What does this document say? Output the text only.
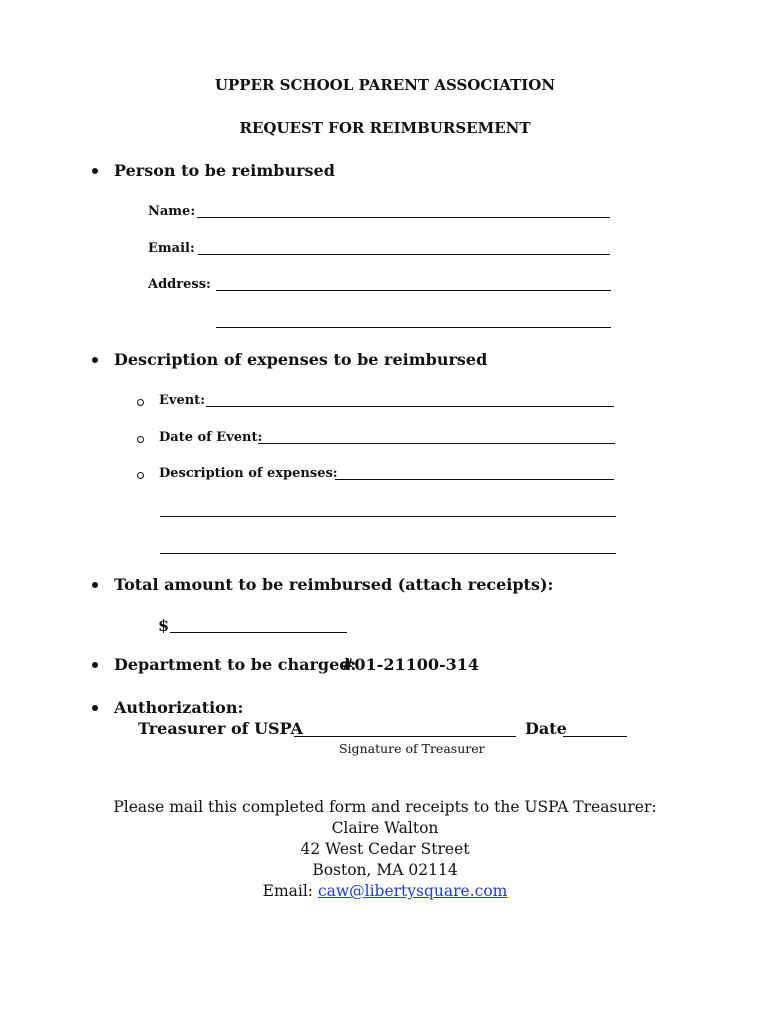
UPPER SCHOOL PARENT ASSOCIATION
REQUEST FOR REIMBURSEMENT
Person to be reimbursed
Name:
Email:
Address:
Description of expenses to be reimbursed
Event:
Date of Event:
Description of expenses:
Total amount to be reimbursed (attach receipts):
$
Department to be charged:
#01-21100-314
Authorization:
Treasurer of USPA	Date
Signature of Treasurer
Please mail this completed form and receipts to the USPA Treasurer:
Claire Walton
42 West Cedar Street
Boston, MA 02114
Email: caw@libertysquare.com
